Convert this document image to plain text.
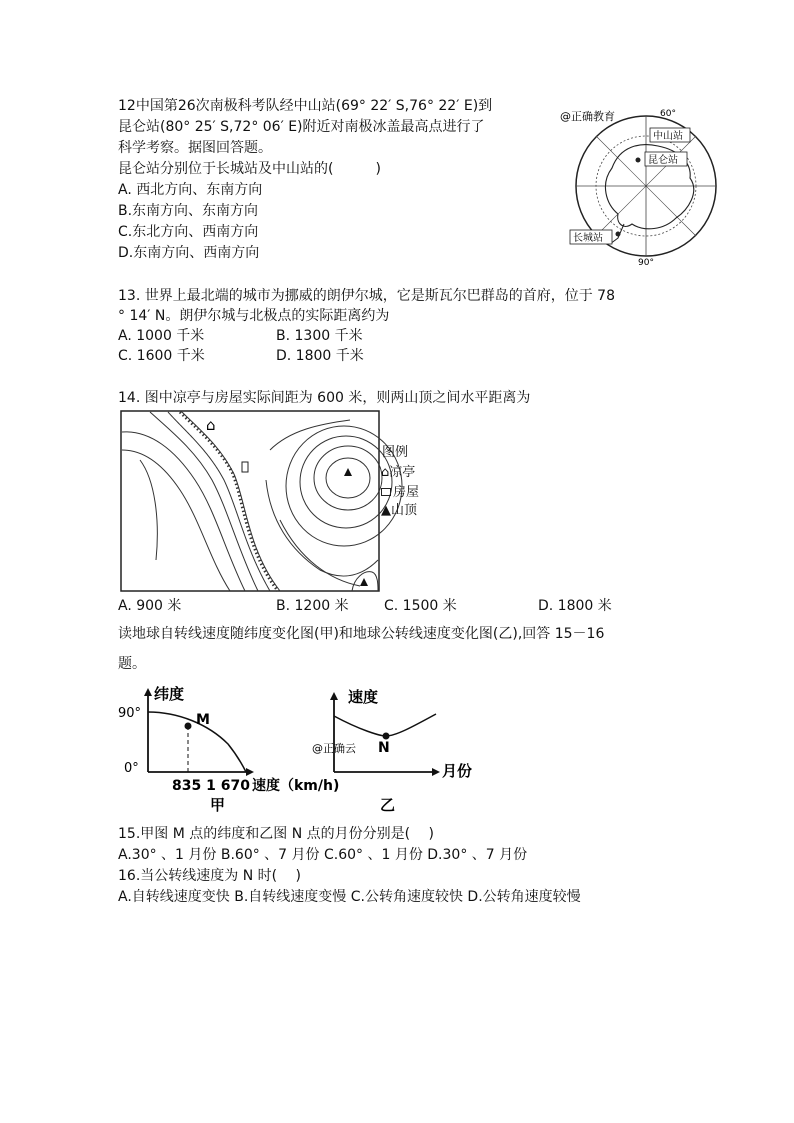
12中国第26次南极科考队经中山站(69° 22′ S,76° 22′ E)到
昆仑站(80° 25′ S,72° 06′ E)附近对南极冰盖最高点进行了
科学考察。据图回答题。
昆仑站分别位于长城站及中山站的(　　　)
A. 西北方向、东南方向
B.东南方向、东南方向
C.东北方向、西南方向
D.东南方向、西南方向
中山站
昆仑站
长城站
60°
90°
@正确教育
13. 世界上最北端的城市为挪威的朗伊尔城，它是斯瓦尔巴群岛的首府，位于 78
° 14′ N。朗伊尔城与北极点的实际距离约为
A. 1000 千米	B. 1300 千米
C. 1600 千米	D. 1800 千米
14. 图中凉亭与房屋实际间距为 600 米，则两山顶之间水平距离为
⌂
图例
⌂凉亭
房屋
▲山顶
A. 900 米	B. 1200 米	C. 1500 米	D. 1800 米
读地球自转线速度随纬度变化图(甲)和地球公转线速度变化图(乙),回答 15－16
题。
纬度
90°
0°
M
835 1 670 速度（km/h)
甲
速度
N
@正确云
月份
乙
15.甲图 M 点的纬度和乙图 N 点的月份分别是(　 )
A.30° 、1 月份 B.60° 、7 月份 C.60° 、1 月份 D.30° 、7 月份
16.当公转线速度为 N 时(　 )
A.自转线速度变快 B.自转线速度变慢 C.公转角速度较快 D.公转角速度较慢
